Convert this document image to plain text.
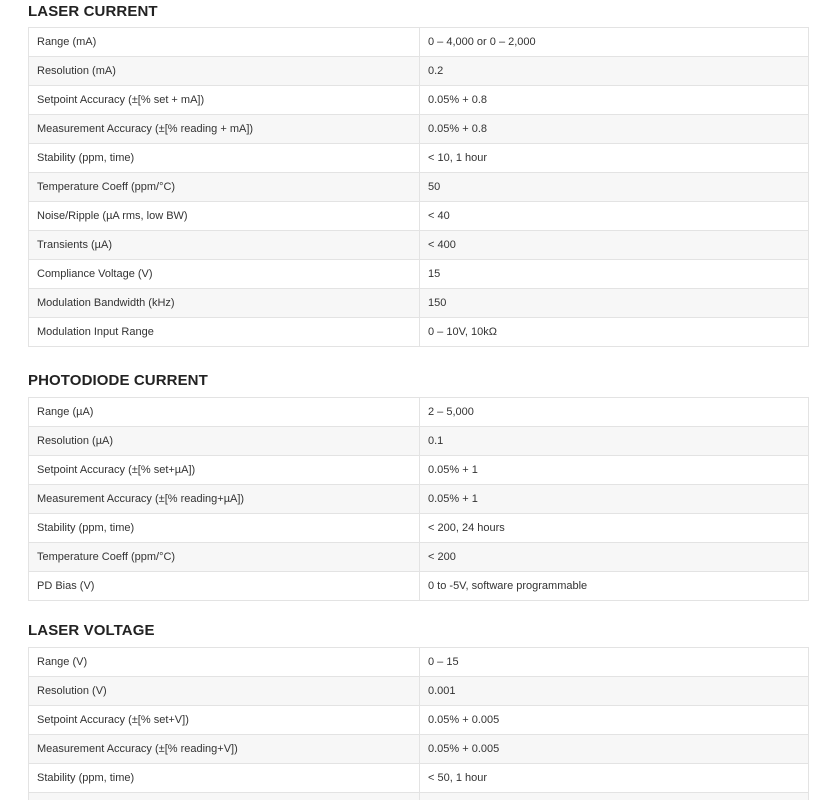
LASER CURRENT
Range (mA)	0 – 4,000 or 0 – 2,000
Resolution (mA)	0.2
Setpoint Accuracy (±[% set + mA])	0.05% + 0.8
Measurement Accuracy (±[% reading + mA])	0.05% + 0.8
Stability (ppm, time)	< 10, 1 hour
Temperature Coeff (ppm/°C)	50
Noise/Ripple (µA rms, low BW)	< 40
Transients (µA)	< 400
Compliance Voltage (V)	15
Modulation Bandwidth (kHz)	150
Modulation Input Range	0 – 10V, 10kΩ
PHOTODIODE CURRENT
Range (µA)	2 – 5,000
Resolution (µA)	0.1
Setpoint Accuracy (±[% set+µA])	0.05% + 1
Measurement Accuracy (±[% reading+µA])	0.05% + 1
Stability (ppm, time)	< 200, 24 hours
Temperature Coeff (ppm/°C)	< 200
PD Bias (V)	0 to -5V, software programmable
LASER VOLTAGE
Range (V)	0 – 15
Resolution (V)	0.001
Setpoint Accuracy (±[% set+V])	0.05% + 0.005
Measurement Accuracy (±[% reading+V])	0.05% + 0.005
Stability (ppm, time)	< 50, 1 hour
